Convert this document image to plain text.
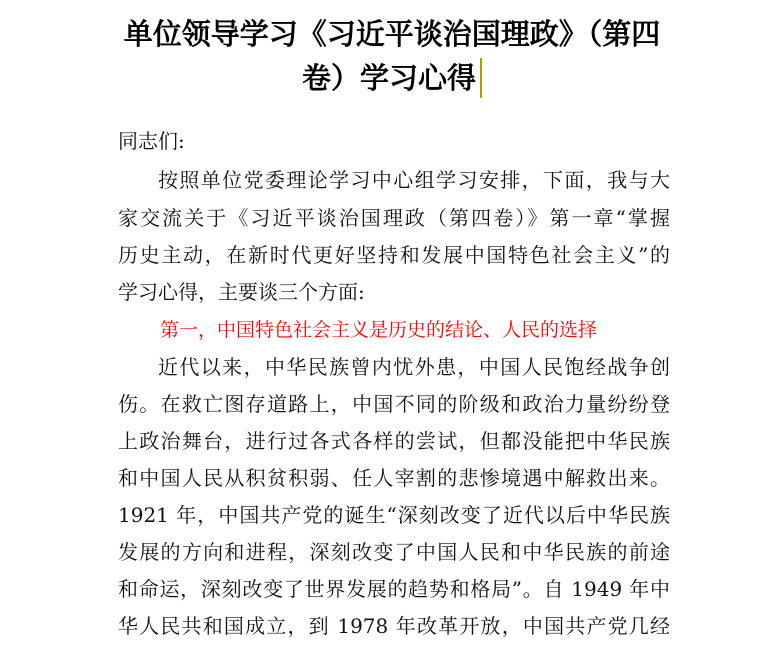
单位领导学习《习近平谈治国理政》（第四
卷）学习心得
同志们:
按照单位党委理论学习中心组学习安排，下面，我与大
家交流关于《习近平谈治国理政（第四卷）》第一章“掌握
历史主动，在新时代更好坚持和发展中国特色社会主义”的
学习心得，主要谈三个方面:
第一，中国特色社会主义是历史的结论、人民的选择
近代以来，中华民族曾内忧外患，中国人民饱经战争创
伤。在救亡图存道路上，中国不同的阶级和政治力量纷纷登
上政治舞台，进行过各式各样的尝试，但都没能把中华民族
和中国人民从积贫积弱、任人宰割的悲惨境遇中解救出来。
1921 年，中国共产党的诞生“深刻改变了近代以后中华民族
发展的方向和进程，深刻改变了中国人民和中华民族的前途
和命运，深刻改变了世界发展的趋势和格局”。自 1949 年中
华人民共和国成立，到 1978 年改革开放，中国共产党几经
